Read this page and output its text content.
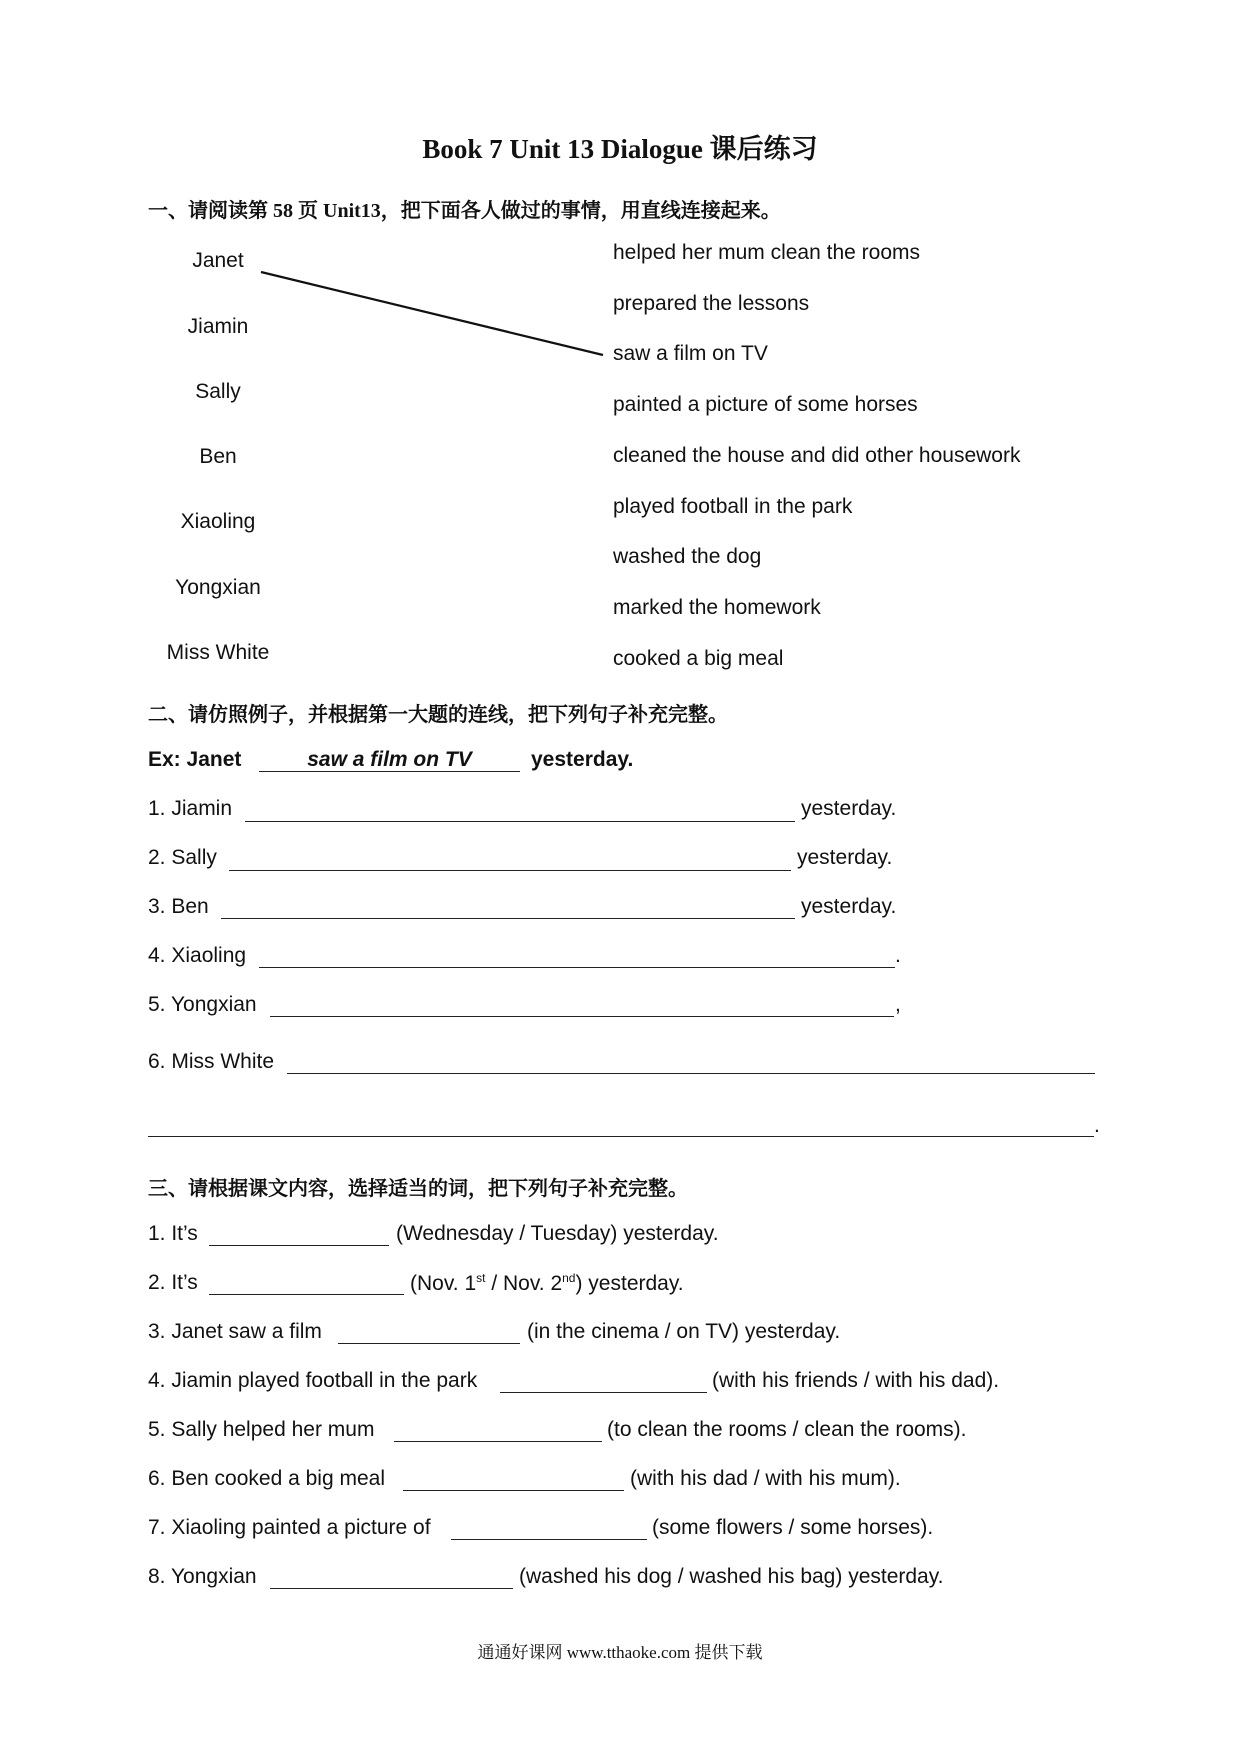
Book 7 Unit 13 Dialogue 课后练习
一、请阅读第 58 页 Unit13，把下面各人做过的事情，用直线连接起来。
Janet
Jiamin
Sally
Ben
Xiaoling
Yongxian
Miss White
helped her mum clean the rooms
prepared the lessons
saw a film on TV
painted a picture of some horses
cleaned the house and did other housework
played football in the park
washed the dog
marked the homework
cooked a big meal
二、请仿照例子，并根据第一大题的连线，把下列句子补充完整。
Ex: Janet	saw a film on TV	yesterday.
1. Jiamin	yesterday.
2. Sally	yesterday.
3. Ben	yesterday.
4. Xiaoling	.
5. Yongxian	,
6. Miss White
.
三、请根据课文内容，选择适当的词，把下列句子补充完整。
1. It’s	(Wednesday / Tuesday) yesterday.
2. It’s	(Nov. 1st / Nov. 2nd) yesterday.
3. Janet saw a film	(in the cinema / on TV) yesterday.
4. Jiamin played football in the park	(with his friends / with his dad).
5. Sally helped her mum	(to clean the rooms / clean the rooms).
6. Ben cooked a big meal	(with his dad / with his mum).
7. Xiaoling painted a picture of	(some flowers / some horses).
8. Yongxian	(washed his dog / washed his bag) yesterday.
通通好课网 www.tthaoke.com 提供下载
